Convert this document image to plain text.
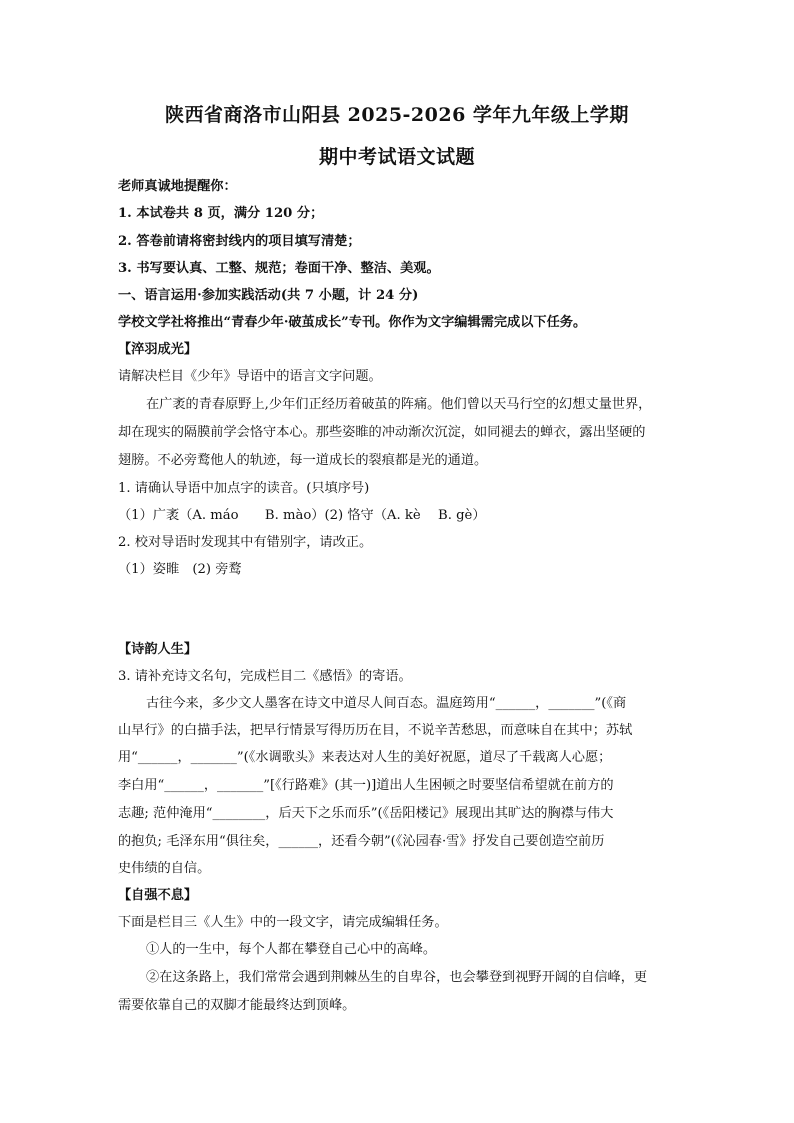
陕西省商洛市山阳县 2025-2026 学年九年级上学期
期中考试语文试题
老师真诚地提醒你：
1. 本试卷共 8 页，满分 120 分；
2. 答卷前请将密封线内的项目填写清楚；
3. 书写要认真、工整、规范；卷面干净、整洁、美观。
一、语言运用·参加实践活动(共 7 小题，计 24 分)
学校文学社将推出“青春少年·破茧成长”专刊。你作为文字编辑需完成以下任务。
【淬羽成光】
请解决栏目《少年》导语中的语言文字问题。
在广袤的青春原野上,少年们正经历着破茧的阵痛。他们曾以天马行空的幻想丈量世界，
却在现实的隔膜前学会恪守本心。那些姿睢的冲动渐次沉淀，如同褪去的蝉衣，露出坚硬的
翅膀。不必旁鹜他人的轨迹，每一道成长的裂痕都是光的通道。
1. 请确认导语中加点字的读音。(只填序号)
（1）广袤（A. máo　　B. mào）(2) 恪守（A. kè　 B. gè）
2. 校对导语时发现其中有错别字，请改正。
（1）姿睢　(2) 旁鹜
【诗韵人生】
3. 请补充诗文名句，完成栏目二《感悟》的寄语。
古往今来，多少文人墨客在诗文中道尽人间百态。温庭筠用“______，_______”(《商
山早行》的白描手法，把早行情景写得历历在目，不说辛苦愁思，而意味自在其中；苏轼
用“______，_______”(《水调歌头》来表达对人生的美好祝愿，道尽了千载离人心愿；
李白用“______，_______”[《行路难》(其一)]道出人生困顿之时要坚信希望就在前方的
志趣; 范仲淹用“________，后天下之乐而乐”(《岳阳楼记》展现出其旷达的胸襟与伟大
的抱负; 毛泽东用“俱往矣，______，还看今朝”(《沁园春·雪》抒发自己要创造空前历
史伟绩的自信。
【自强不息】
下面是栏目三《人生》中的一段文字，请完成编辑任务。
①人的一生中，每个人都在攀登自己心中的高峰。
②在这条路上，我们常常会遇到荆棘丛生的自卑谷，也会攀登到视野开阔的自信峰，更
需要依靠自己的双脚才能最终达到顶峰。
